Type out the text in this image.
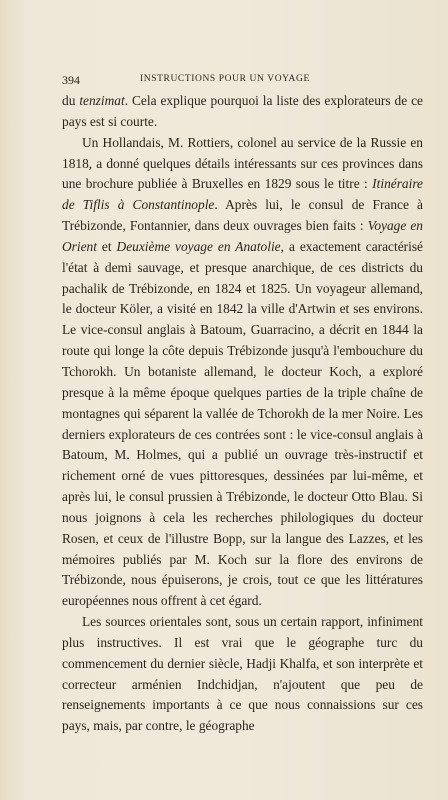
394	INSTRUCTIONS POUR UN VOYAGE

du tenzimat. Cela explique pourquoi la liste des explorateurs de ce pays est si courte.

Un Hollandais, M. Rottiers, colonel au service de la Russie en 1818, a donné quelques détails intéressants sur ces provinces dans une brochure publiée à Bruxelles en 1829 sous le titre : Itinéraire de Tiflis à Constantinople. Après lui, le consul de France à Trébizonde, Fontannier, dans deux ouvrages bien faits : Voyage en Orient et Deuxième voyage en Anatolie, a exactement caractérisé l'état à demi sauvage, et presque anarchique, de ces districts du pachalik de Trébizonde, en 1824 et 1825. Un voyageur allemand, le docteur Köler, a visité en 1842 la ville d'Artwin et ses environs. Le vice-consul anglais à Batoum, Guarracino, a décrit en 1844 la route qui longe la côte depuis Trébizonde jusqu'à l'embouchure du Tchorokh. Un botaniste allemand, le docteur Koch, a exploré presque à la même époque quelques parties de la triple chaîne de montagnes qui séparent la vallée de Tchorokh de la mer Noire. Les derniers explorateurs de ces contrées sont : le vice-consul anglais à Batoum, M. Holmes, qui a publié un ouvrage très-instructif et richement orné de vues pittoresques, dessinées par lui-même, et après lui, le consul prussien à Trébizonde, le docteur Otto Blau. Si nous joignons à cela les recherches philologiques du docteur Rosen, et ceux de l'illustre Bopp, sur la langue des Lazzes, et les mémoires publiés par M. Koch sur la flore des environs de Trébizonde, nous épuiserons, je crois, tout ce que les littératures européennes nous offrent à cet égard.

Les sources orientales sont, sous un certain rapport, infiniment plus instructives. Il est vrai que le géographe turc du commencement du dernier siècle, Hadji Khalfa, et son interprète et correcteur arménien Indchidjan, n'ajoutent que peu de renseignements importants à ce que nous connaissions sur ces pays, mais, par contre, le géographe
